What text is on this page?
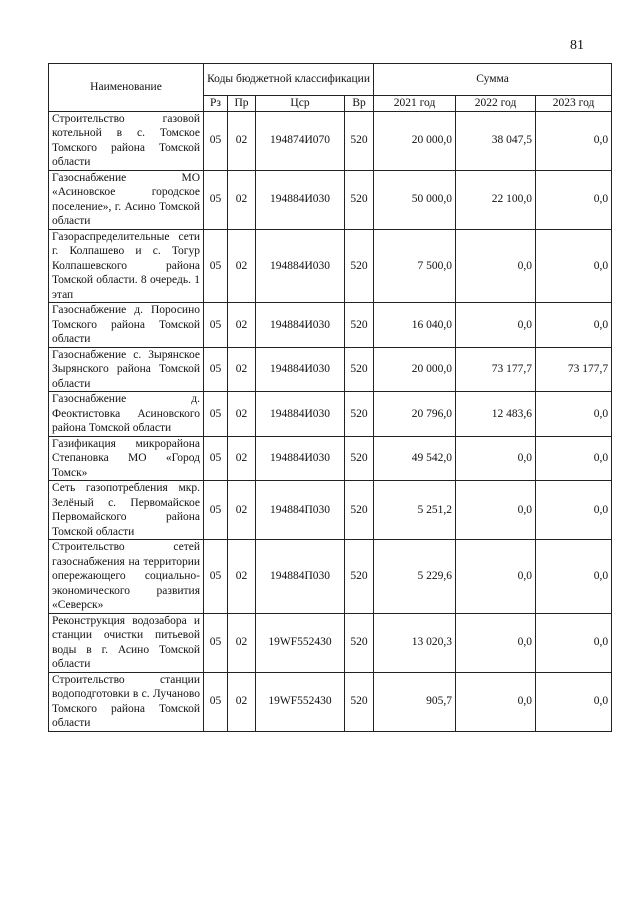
81
Наименование	Коды бюджетной классификации				Сумма		
	Рз	Пр	Цср	Вр	2021 год	2022 год	2023 год
Строительство газовой котельной в с. Томское Томского района Томской области	05	02	194874И070	520	20 000,0	38 047,5	0,0
Газоснабжение МО «Асиновское городское поселение», г. Асино Томской области	05	02	194884И030	520	50 000,0	22 100,0	0,0
Газораспределительные сети г. Колпашево и с. Тогур Колпашевского района Томской области. 8 очередь. 1 этап	05	02	194884И030	520	7 500,0	0,0	0,0
Газоснабжение д. Поросино Томского района Томской области	05	02	194884И030	520	16 040,0	0,0	0,0
Газоснабжение с. Зырянское Зырянского района Томской области	05	02	194884И030	520	20 000,0	73 177,7	73 177,7
Газоснабжение д. Феоктистовка Асиновского района Томской области	05	02	194884И030	520	20 796,0	12 483,6	0,0
Газификация микрорайона Степановка МО «Город Томск»	05	02	194884И030	520	49 542,0	0,0	0,0
Сеть газопотребления мкр. Зелёный с. Первомайское Первомайского района Томской области	05	02	194884П030	520	5 251,2	0,0	0,0
Строительство сетей газоснабжения на территории опережающего социально-экономического развития «Северск»	05	02	194884П030	520	5 229,6	0,0	0,0
Реконструкция водозабора и станции очистки питьевой воды в г. Асино Томской области	05	02	19WF552430	520	13 020,3	0,0	0,0
Строительство станции водоподготовки в с. Лучаново Томского района Томской области	05	02	19WF552430	520	905,7	0,0	0,0
